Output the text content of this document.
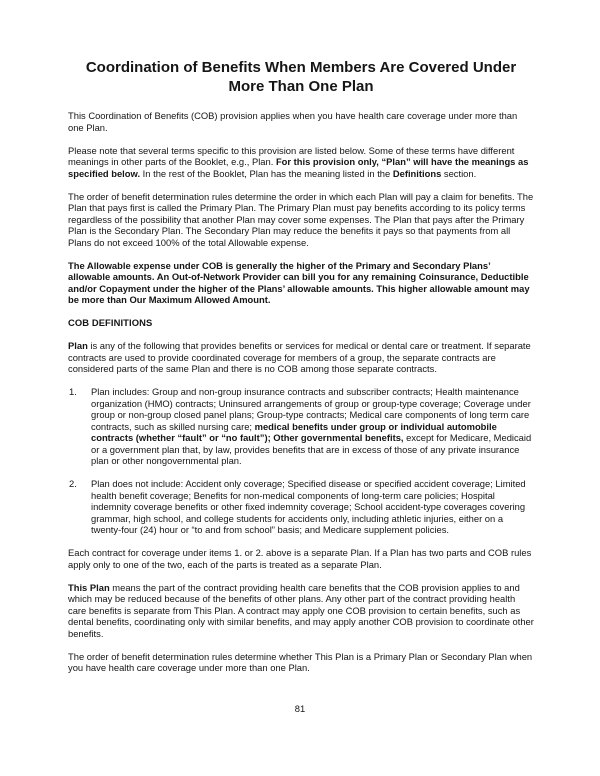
Coordination of Benefits When Members Are Covered Under
More Than One Plan

This Coordination of Benefits (COB) provision applies when you have health care coverage under more than one Plan.

Please note that several terms specific to this provision are listed below. Some of these terms have different meanings in other parts of the Booklet, e.g., Plan. For this provision only, “Plan” will have the meanings as specified below. In the rest of the Booklet, Plan has the meaning listed in the Definitions section.

The order of benefit determination rules determine the order in which each Plan will pay a claim for benefits. The Plan that pays first is called the Primary Plan. The Primary Plan must pay benefits according to its policy terms regardless of the possibility that another Plan may cover some expenses. The Plan that pays after the Primary Plan is the Secondary Plan. The Secondary Plan may reduce the benefits it pays so that payments from all Plans do not exceed 100% of the total Allowable expense.

The Allowable expense under COB is generally the higher of the Primary and Secondary Plans’ allowable amounts. An Out-of-Network Provider can bill you for any remaining Coinsurance, Deductible and/or Copayment under the higher of the Plans’ allowable amounts. This higher allowable amount may be more than Our Maximum Allowed Amount.

COB DEFINITIONS

Plan is any of the following that provides benefits or services for medical or dental care or treatment. If separate contracts are used to provide coordinated coverage for members of a group, the separate contracts are considered parts of the same Plan and there is no COB among those separate contracts.

1.	Plan includes: Group and non-group insurance contracts and subscriber contracts; Health maintenance organization (HMO) contracts; Uninsured arrangements of group or group-type coverage; Coverage under group or non-group closed panel plans; Group-type contracts; Medical care components of long term care contracts, such as skilled nursing care; medical benefits under group or individual automobile contracts (whether “fault” or “no fault”); Other governmental benefits, except for Medicare, Medicaid or a government plan that, by law, provides benefits that are in excess of those of any private insurance plan or other nongovernmental plan.
2.	Plan does not include: Accident only coverage; Specified disease or specified accident coverage; Limited health benefit coverage; Benefits for non-medical components of long-term care policies; Hospital indemnity coverage benefits or other fixed indemnity coverage; School accident-type coverages covering grammar, high school, and college students for accidents only, including athletic injuries, either on a twenty-four (24) hour or “to and from school” basis; and Medicare supplement policies.

Each contract for coverage under items 1. or 2. above is a separate Plan. If a Plan has two parts and COB rules apply only to one of the two, each of the parts is treated as a separate Plan.

This Plan means the part of the contract providing health care benefits that the COB provision applies to and which may be reduced because of the benefits of other plans. Any other part of the contract providing health care benefits is separate from This Plan. A contract may apply one COB provision to certain benefits, such as dental benefits, coordinating only with similar benefits, and may apply another COB provision to coordinate other benefits.

The order of benefit determination rules determine whether This Plan is a Primary Plan or Secondary Plan when you have health care coverage under more than one Plan.

81
